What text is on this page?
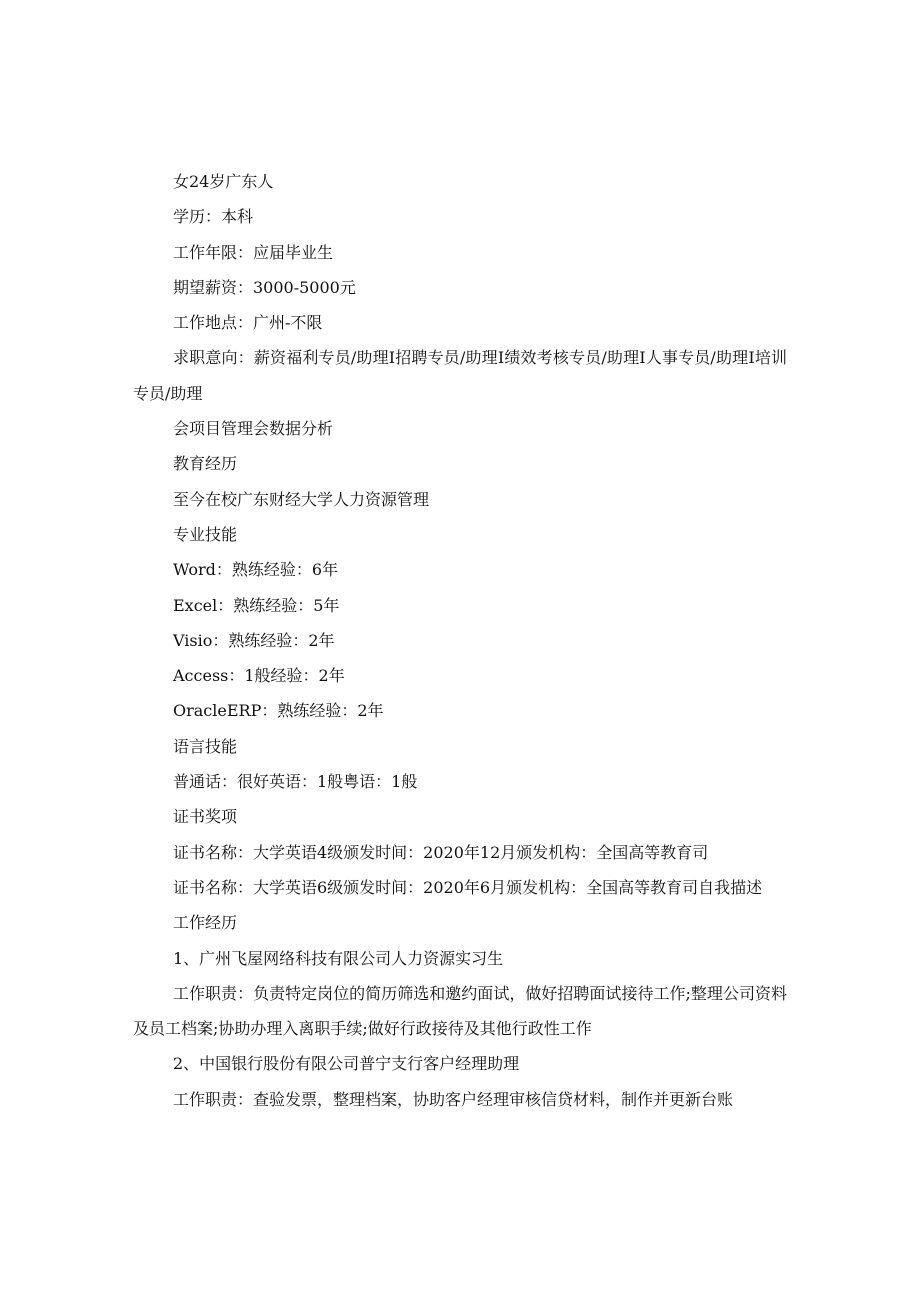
女24岁广东人

学历：本科

工作年限：应届毕业生

期望薪资：3000-5000元

工作地点：广州-不限

求职意向：薪资福利专员/助理I招聘专员/助理I绩效考核专员/助理I人事专员/助理I培训专员/助理

会项目管理会数据分析

教育经历

至今在校广东财经大学人力资源管理

专业技能

Word：熟练经验：6年

Excel：熟练经验：5年

Visio：熟练经验：2年

Access：1般经验：2年

OracleERP：熟练经验：2年

语言技能

普通话：很好英语：1般粤语：1般

证书奖项

证书名称：大学英语4级颁发时间：2020年12月颁发机构：全国高等教育司

证书名称：大学英语6级颁发时间：2020年6月颁发机构：全国高等教育司自我描述

工作经历

1、广州飞屋网络科技有限公司人力资源实习生

工作职责：负责特定岗位的简历筛选和邀约面试，做好招聘面试接待工作;整理公司资料及员工档案;协助办理入离职手续;做好行政接待及其他行政性工作

2、中国银行股份有限公司普宁支行客户经理助理

工作职责：查验发票，整理档案，协助客户经理审核信贷材料，制作并更新台账
